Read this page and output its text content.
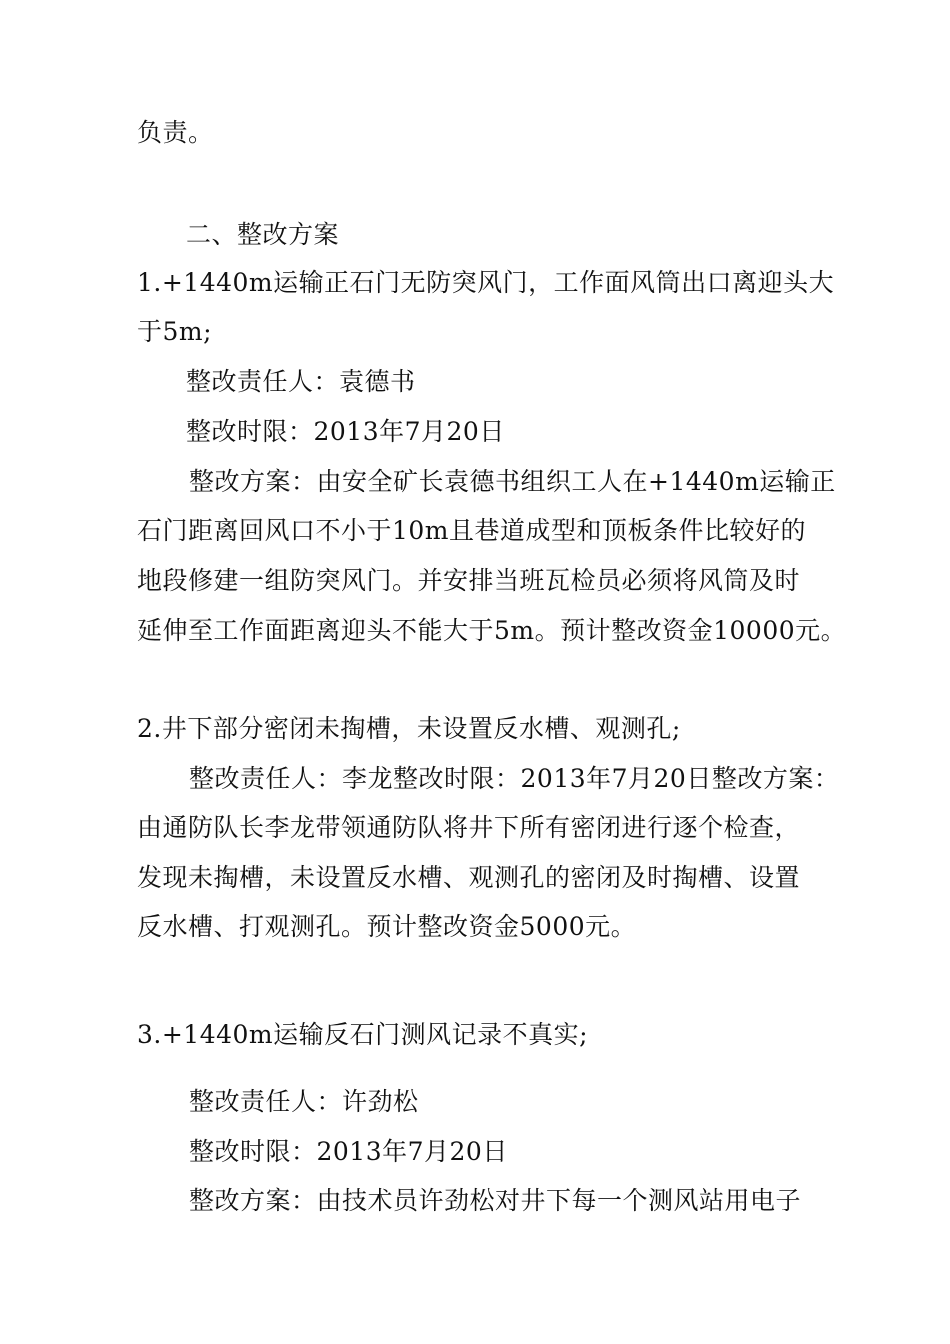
负责。
二、整改方案
1.+1440m运输正石门无防突风门，工作面风筒出口离迎头大
于5m;
整改责任人：袁德书
整改时限：2013年7月20日
整改方案：由安全矿长袁德书组织工人在+1440m运输正
石门距离回风口不小于10m且巷道成型和顶板条件比较好的
地段修建一组防突风门。并安排当班瓦检员必须将风筒及时
延伸至工作面距离迎头不能大于5m。预计整改资金10000元。
2.井下部分密闭未掏槽，未设置反水槽、观测孔;
整改责任人：李龙整改时限：2013年7月20日整改方案：
由通防队长李龙带领通防队将井下所有密闭进行逐个检查，
发现未掏槽，未设置反水槽、观测孔的密闭及时掏槽、设置
反水槽、打观测孔。预计整改资金5000元。
3.+1440m运输反石门测风记录不真实;
整改责任人：许劲松
整改时限：2013年7月20日
整改方案：由技术员许劲松对井下每一个测风站用电子
